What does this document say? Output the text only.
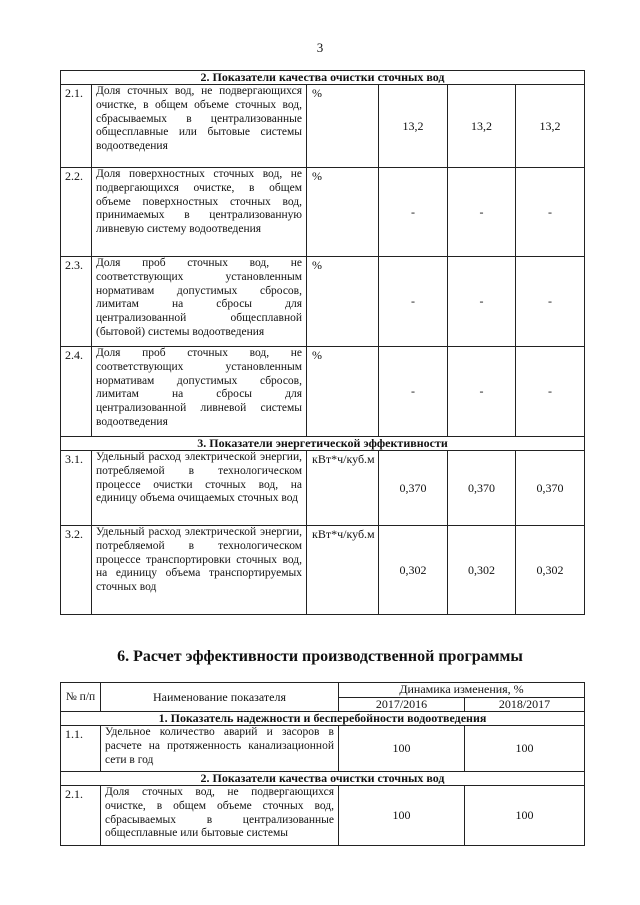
3
2. Показатели качества очистки сточных вод					
2.1.	Доля сточных вод, не подвергающихся очистке, в общем объеме сточных вод, сбрасываемых в централизованные общесплавные или бытовые системы водоотведения	%	13,2	13,2	13,2
2.2.	Доля поверхностных сточных вод, не подвергающихся очистке, в общем объеме поверхностных сточных вод, принимаемых в централизованную ливневую систему водоотведения	%	-	-	-
2.3.	Доля проб сточных вод, не соответствующих установленным нормативам допустимых сбросов, лимитам на сбросы для централизованной общесплавной (бытовой) системы водоотведения	%	-	-	-
2.4.	Доля проб сточных вод, не соответствующих установленным нормативам допустимых сбросов, лимитам на сбросы для централизованной ливневой системы водоотведения	%	-	-	-
3. Показатели энергетической эффективности					
3.1.	Удельный расход электрической энергии, потребляемой в технологическом процессе очистки сточных вод, на единицу объема очищаемых сточных вод	кВт*ч/куб.м	0,370	0,370	0,370
3.2.	Удельный расход электрической энергии, потребляемой в технологическом процессе транспортировки сточных вод, на единицу объема транспортируемых сточных вод	кВт*ч/куб.м	0,302	0,302	0,302
6. Расчет эффективности производственной программы
№ п/п	Наименование показателя	Динамика изменения, %	
		2017/2016	2018/2017
1. Показатель надежности и бесперебойности водоотведения			
1.1.	Удельное количество аварий и засоров в расчете на протяженность канализационной сети в год	100	100
2. Показатели качества очистки сточных вод			
2.1.	Доля сточных вод, не подвергающихся очистке, в общем объеме сточных вод, сбрасываемых в централизованные общесплавные или бытовые системы	100	100
